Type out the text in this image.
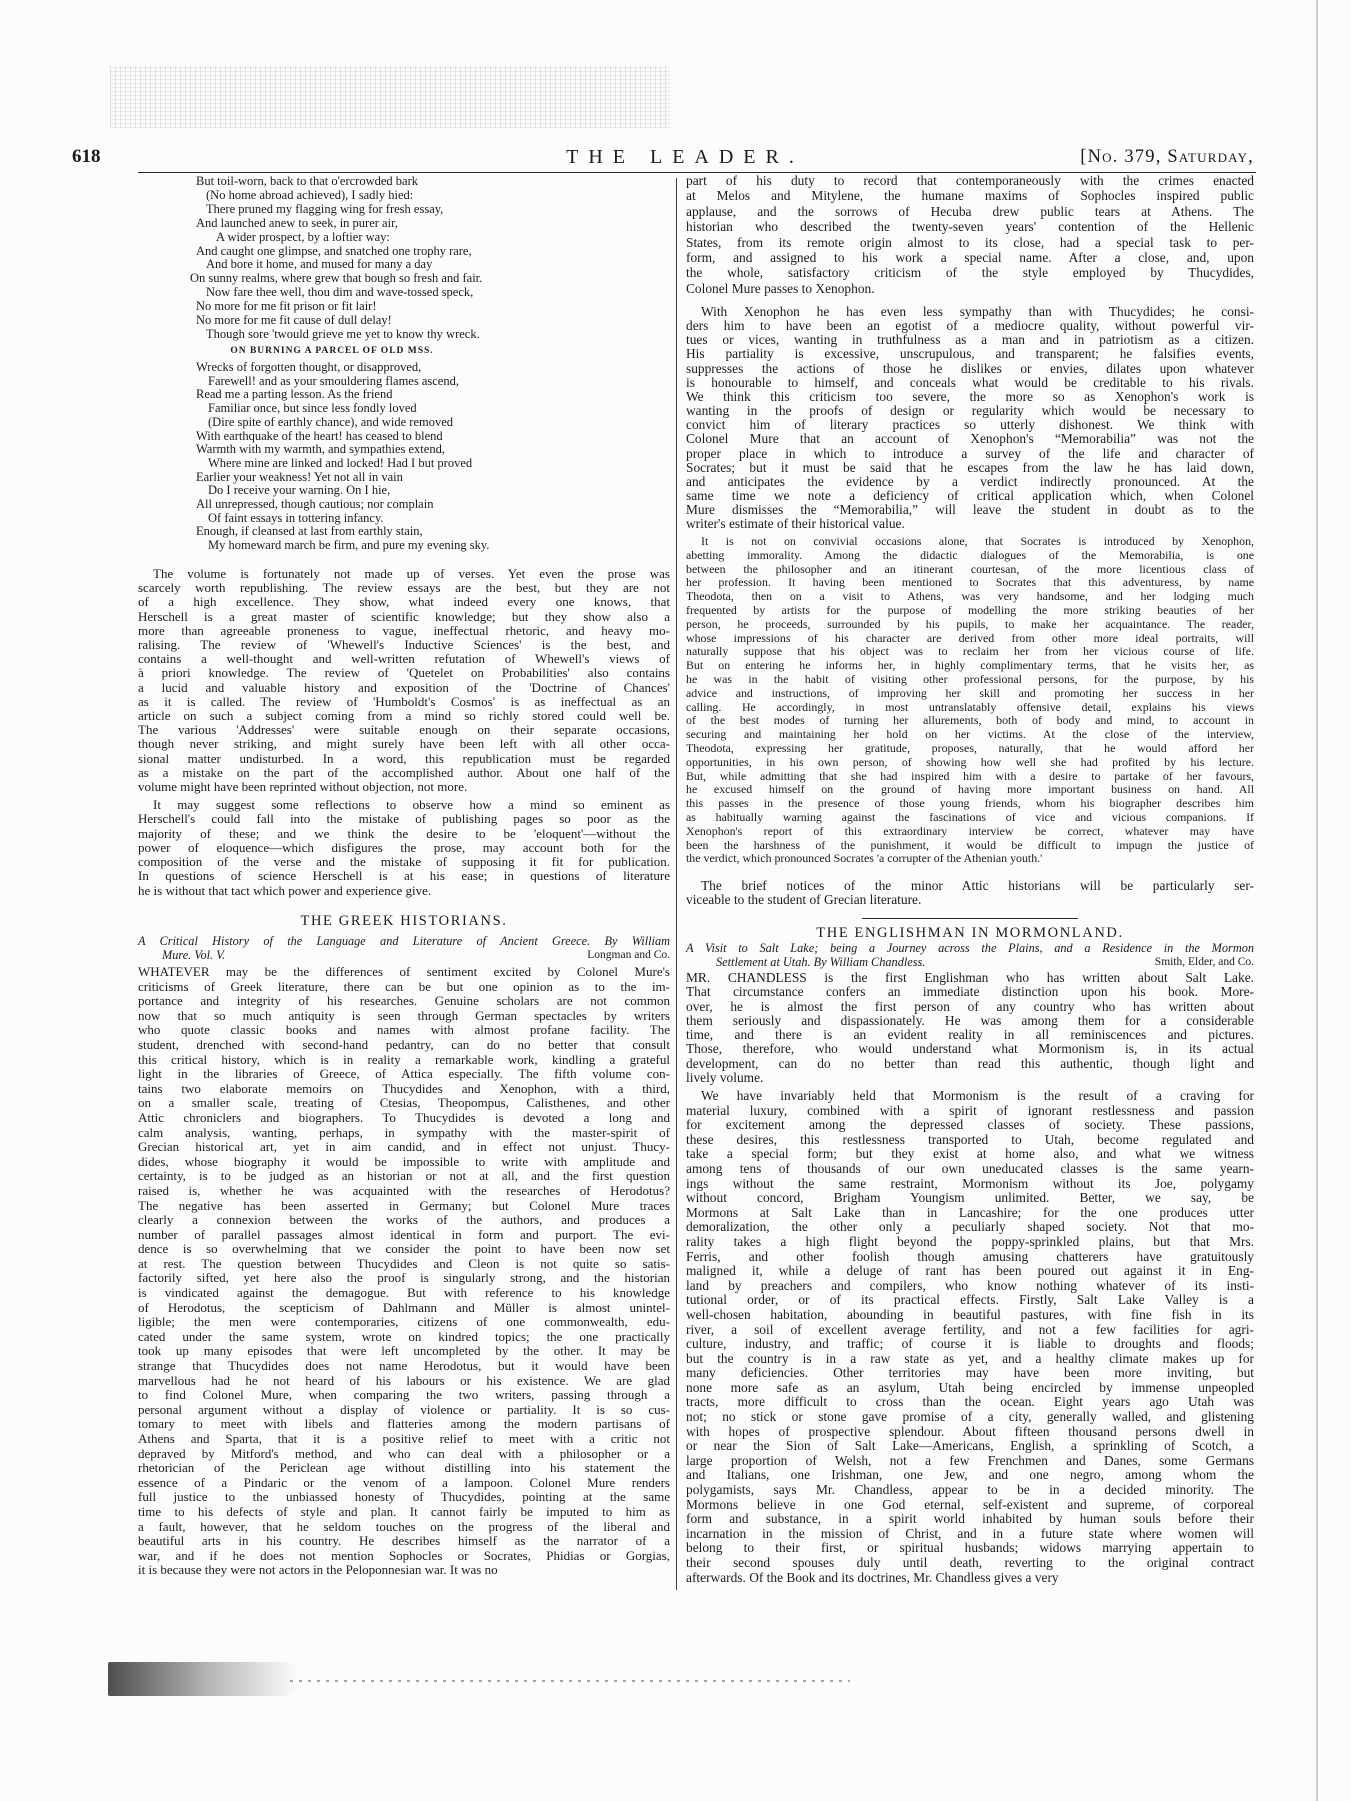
618	THE LEADER.	[No. 379, Saturday,
But toil-worn, back to that o'ercrowded bark
(No home abroad achieved), I sadly hied:
There pruned my flagging wing for fresh essay,
And launched anew to seek, in purer air,
A wider prospect, by a loftier way:
And caught one glimpse, and snatched one trophy rare,
And bore it home, and mused for many a day
On sunny realms, where grew that bough so fresh and fair.
Now fare thee well, thou dim and wave-tossed speck,
No more for me fit prison or fit lair!
No more for me fit cause of dull delay!
Though sore 'twould grieve me yet to know thy wreck.
ON BURNING A PARCEL OF OLD MSS.
Wrecks of forgotten thought, or disapproved,
Farewell! and as your smouldering flames ascend,
Read me a parting lesson. As the friend
Familiar once, but since less fondly loved
(Dire spite of earthly chance), and wide removed
With earthquake of the heart! has ceased to blend
Warmth with my warmth, and sympathies extend,
Where mine are linked and locked! Had I but proved
Earlier your weakness! Yet not all in vain
Do I receive your warning. On I hie,
All unrepressed, though cautious; nor complain
Of faint essays in tottering infancy.
Enough, if cleansed at last from earthly stain,
My homeward march be firm, and pure my evening sky.
The volume is fortunately not made up of verses. Yet even the prose was
scarcely worth republishing. The review essays are the best, but they are not
of a high excellence. They show, what indeed every one knows, that
Herschell is a great master of scientific knowledge; but they show also a
more than agreeable proneness to vague, ineffectual rhetoric, and heavy mo-
ralising. The review of 'Whewell's Inductive Sciences' is the best, and
contains a well-thought and well-written refutation of Whewell's views of
à priori knowledge. The review of 'Quetelet on Probabilities' also contains
a lucid and valuable history and exposition of the 'Doctrine of Chances'
as it is called. The review of 'Humboldt's Cosmos' is as ineffectual as an
article on such a subject coming from a mind so richly stored could well be.
The various 'Addresses' were suitable enough on their separate occasions,
though never striking, and might surely have been left with all other occa-
sional matter undisturbed. In a word, this republication must be regarded
as a mistake on the part of the accomplished author. About one half of the
volume might have been reprinted without objection, not more.
It may suggest some reflections to observe how a mind so eminent as
Herschell's could fall into the mistake of publishing pages so poor as the
majority of these; and we think the desire to be 'eloquent'—without the
power of eloquence—which disfigures the prose, may account both for the
composition of the verse and the mistake of supposing it fit for publication.
In questions of science Herschell is at his ease; in questions of literature
he is without that tact which power and experience give.
THE GREEK HISTORIANS.
A Critical History of the Language and Literature of Ancient Greece. By William
Mure. Vol. V.	Longman and Co.
WHATEVER may be the differences of sentiment excited by Colonel Mure's
criticisms of Greek literature, there can be but one opinion as to the im-
portance and integrity of his researches. Genuine scholars are not common
now that so much antiquity is seen through German spectacles by writers
who quote classic books and names with almost profane facility. The
student, drenched with second-hand pedantry, can do no better that consult
this critical history, which is in reality a remarkable work, kindling a grateful
light in the libraries of Greece, of Attica especially. The fifth volume con-
tains two elaborate memoirs on Thucydides and Xenophon, with a third,
on a smaller scale, treating of Ctesias, Theopompus, Calisthenes, and other
Attic chroniclers and biographers. To Thucydides is devoted a long and
calm analysis, wanting, perhaps, in sympathy with the master-spirit of
Grecian historical art, yet in aim candid, and in effect not unjust. Thucy-
dides, whose biography it would be impossible to write with amplitude and
certainty, is to be judged as an historian or not at all, and the first question
raised is, whether he was acquainted with the researches of Herodotus?
The negative has been asserted in Germany; but Colonel Mure traces
clearly a connexion between the works of the authors, and produces a
number of parallel passages almost identical in form and purport. The evi-
dence is so overwhelming that we consider the point to have been now set
at rest. The question between Thucydides and Cleon is not quite so satis-
factorily sifted, yet here also the proof is singularly strong, and the historian
is vindicated against the demagogue. But with reference to his knowledge
of Herodotus, the scepticism of Dahlmann and Müller is almost unintel-
ligible; the men were contemporaries, citizens of one commonwealth, edu-
cated under the same system, wrote on kindred topics; the one practically
took up many episodes that were left uncompleted by the other. It may be
strange that Thucydides does not name Herodotus, but it would have been
marvellous had he not heard of his labours or his existence. We are glad
to find Colonel Mure, when comparing the two writers, passing through a
personal argument without a display of violence or partiality. It is so cus-
tomary to meet with libels and flatteries among the modern partisans of
Athens and Sparta, that it is a positive relief to meet with a critic not
depraved by Mitford's method, and who can deal with a philosopher or a
rhetorician of the Periclean age without distilling into his statement the
essence of a Pindaric or the venom of a lampoon. Colonel Mure renders
full justice to the unbiassed honesty of Thucydides, pointing at the same
time to his defects of style and plan. It cannot fairly be imputed to him as
a fault, however, that he seldom touches on the progress of the liberal and
beautiful arts in his country. He describes himself as the narrator of a
war, and if he does not mention Sophocles or Socrates, Phidias or Gorgias,
it is because they were not actors in the Peloponnesian war. It was no
part of his duty to record that contemporaneously with the crimes enacted
at Melos and Mitylene, the humane maxims of Sophocles inspired public
applause, and the sorrows of Hecuba drew public tears at Athens. The
historian who described the twenty-seven years' contention of the Hellenic
States, from its remote origin almost to its close, had a special task to per-
form, and assigned to his work a special name. After a close, and, upon
the whole, satisfactory criticism of the style employed by Thucydides,
Colonel Mure passes to Xenophon.
With Xenophon he has even less sympathy than with Thucydides; he consi-
ders him to have been an egotist of a mediocre quality, without powerful vir-
tues or vices, wanting in truthfulness as a man and in patriotism as a citizen.
His partiality is excessive, unscrupulous, and transparent; he falsifies events,
suppresses the actions of those he dislikes or envies, dilates upon whatever
is honourable to himself, and conceals what would be creditable to his rivals.
We think this criticism too severe, the more so as Xenophon's work is
wanting in the proofs of design or regularity which would be necessary to
convict him of literary practices so utterly dishonest. We think with
Colonel Mure that an account of Xenophon's “Memorabilia” was not the
proper place in which to introduce a survey of the life and character of
Socrates; but it must be said that he escapes from the law he has laid down,
and anticipates the evidence by a verdict indirectly pronounced. At the
same time we note a deficiency of critical application which, when Colonel
Mure dismisses the “Memorabilia,” will leave the student in doubt as to the
writer's estimate of their historical value.
It is not on convivial occasions alone, that Socrates is introduced by Xenophon,
abetting immorality. Among the didactic dialogues of the Memorabilia, is one
between the philosopher and an itinerant courtesan, of the more licentious class of
her profession. It having been mentioned to Socrates that this adventuress, by name
Theodota, then on a visit to Athens, was very handsome, and her lodging much
frequented by artists for the purpose of modelling the more striking beauties of her
person, he proceeds, surrounded by his pupils, to make her acquaintance. The reader,
whose impressions of his character are derived from other more ideal portraits, will
naturally suppose that his object was to reclaim her from her vicious course of life.
But on entering he informs her, in highly complimentary terms, that he visits her, as
he was in the habit of visiting other professional persons, for the purpose, by his
advice and instructions, of improving her skill and promoting her success in her
calling. He accordingly, in most untranslatably offensive detail, explains his views
of the best modes of turning her allurements, both of body and mind, to account in
securing and maintaining her hold on her victims. At the close of the interview,
Theodota, expressing her gratitude, proposes, naturally, that he would afford her
opportunities, in his own person, of showing how well she had profited by his lecture.
But, while admitting that she had inspired him with a desire to partake of her favours,
he excused himself on the ground of having more important business on hand. All
this passes in the presence of those young friends, whom his biographer describes him
as habitually warning against the fascinations of vice and vicious companions. If
Xenophon's report of this extraordinary interview be correct, whatever may have
been the harshness of the punishment, it would be difficult to impugn the justice of
the verdict, which pronounced Socrates 'a corrupter of the Athenian youth.'
The brief notices of the minor Attic historians will be particularly ser-
viceable to the student of Grecian literature.
THE ENGLISHMAN IN MORMONLAND.
A Visit to Salt Lake; being a Journey across the Plains, and a Residence in the Mormon
Settlement at Utah. By William Chandless.	Smith, Elder, and Co.
MR. CHANDLESS is the first Englishman who has written about Salt Lake.
That circumstance confers an immediate distinction upon his book. More-
over, he is almost the first person of any country who has written about
them seriously and dispassionately. He was among them for a considerable
time, and there is an evident reality in all reminiscences and pictures.
Those, therefore, who would understand what Mormonism is, in its actual
development, can do no better than read this authentic, though light and
lively volume.
We have invariably held that Mormonism is the result of a craving for
material luxury, combined with a spirit of ignorant restlessness and passion
for excitement among the depressed classes of society. These passions,
these desires, this restlessness transported to Utah, become regulated and
take a special form; but they exist at home also, and what we witness
among tens of thousands of our own uneducated classes is the same yearn-
ings without the same restraint, Mormonism without its Joe, polygamy
without concord, Brigham Youngism unlimited. Better, we say, be
Mormons at Salt Lake than in Lancashire; for the one produces utter
demoralization, the other only a peculiarly shaped society. Not that mo-
rality takes a high flight beyond the poppy-sprinkled plains, but that Mrs.
Ferris, and other foolish though amusing chatterers have gratuitously
maligned it, while a deluge of rant has been poured out against it in Eng-
land by preachers and compilers, who know nothing whatever of its insti-
tutional order, or of its practical effects. Firstly, Salt Lake Valley is a
well-chosen habitation, abounding in beautiful pastures, with fine fish in its
river, a soil of excellent average fertility, and not a few facilities for agri-
culture, industry, and traffic; of course it is liable to droughts and floods;
but the country is in a raw state as yet, and a healthy climate makes up for
many deficiencies. Other territories may have been more inviting, but
none more safe as an asylum, Utah being encircled by immense unpeopled
tracts, more difficult to cross than the ocean. Eight years ago Utah was
not; no stick or stone gave promise of a city, generally walled, and glistening
with hopes of prospective splendour. About fifteen thousand persons dwell in
or near the Sion of Salt Lake—Americans, English, a sprinkling of Scotch, a
large proportion of Welsh, not a few Frenchmen and Danes, some Germans
and Italians, one Irishman, one Jew, and one negro, among whom the
polygamists, says Mr. Chandless, appear to be in a decided minority. The
Mormons believe in one God eternal, self-existent and supreme, of corporeal
form and substance, in a spirit world inhabited by human souls before their
incarnation in the mission of Christ, and in a future state where women will
belong to their first, or spiritual husbands; widows marrying appertain to
their second spouses duly until death, reverting to the original contract
afterwards. Of the Book and its doctrines, Mr. Chandless gives a very
